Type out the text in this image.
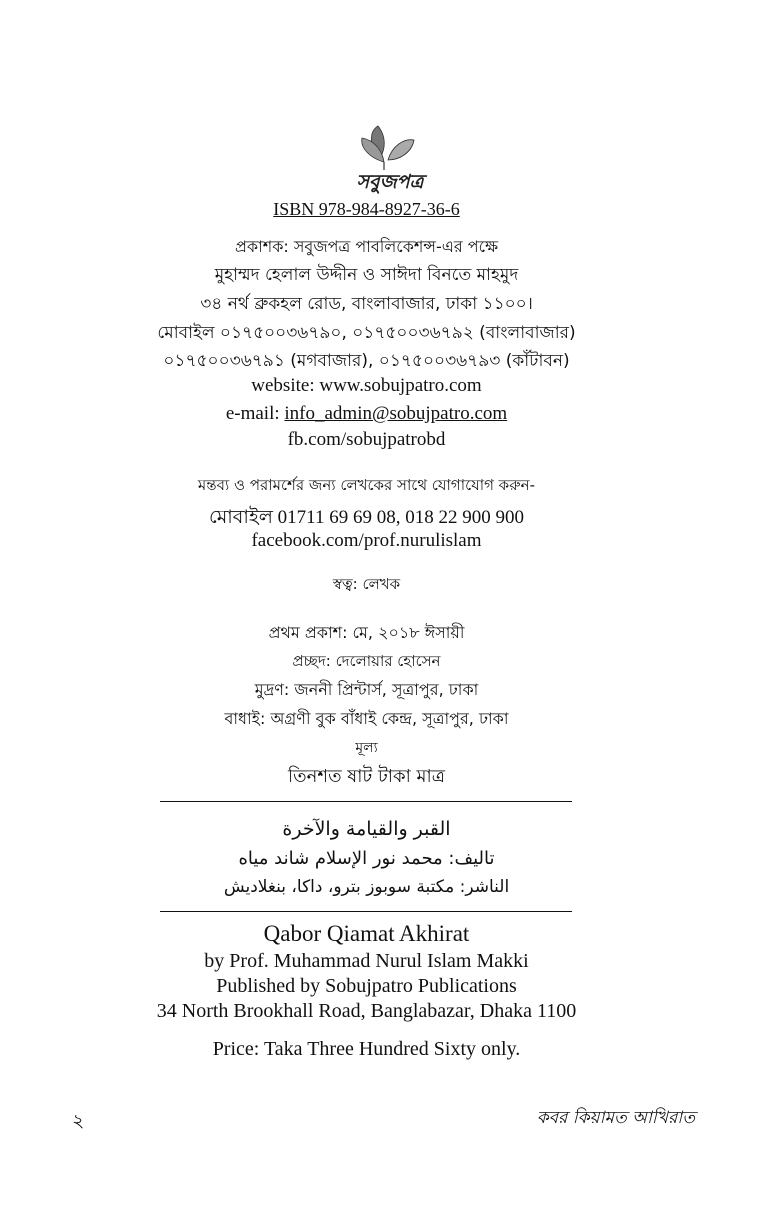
সবুজপত্র
ISBN 978-984-8927-36-6
প্রকাশক: সবুজপত্র পাবলিকেশন্স-এর পক্ষে
মুহাম্মদ হেলাল উদ্দীন ও সাঈদা বিনতে মাহমুদ
৩৪ নর্থ ব্রুকহল রোড, বাংলাবাজার, ঢাকা ১১০০।
মোবাইল ০১৭৫০০৩৬৭৯০, ০১৭৫০০৩৬৭৯২ (বাংলাবাজার)
০১৭৫০০৩৬৭৯১ (মগবাজার), ০১৭৫০০৩৬৭৯৩ (কাঁটাবন)
website: www.sobujpatro.com
e-mail: info_admin@sobujpatro.com
fb.com/sobujpatrobd
মন্তব্য ও পরামর্শের জন্য লেখকের সাথে যোগাযোগ করুন-
মোবাইল 01711 69 69 08, 018 22 900 900
facebook.com/prof.nurulislam
স্বত্ব: লেখক
প্রথম প্রকাশ: মে, ২০১৮ ঈসায়ী
প্রচ্ছদ: দেলোয়ার হোসেন
মুদ্রণ: জননী প্রিন্টার্স, সূত্রাপুর, ঢাকা
বাধাই: অগ্রণী বুক বাঁধাই কেন্দ্র, সূত্রাপুর, ঢাকা
মূল্য
তিনশত ষাট টাকা মাত্র
القبر والقيامة والآخرة
تاليف: محمد نور الإسلام شاند مياه
الناشر: مكتبة سوبوز بترو، داكا، بنغلاديش
Qabor Qiamat Akhirat
by Prof. Muhammad Nurul Islam Makki
Published by Sobujpatro Publications
34 North Brookhall Road, Banglabazar, Dhaka 1100
Price: Taka Three Hundred Sixty only.
২	কবর কিয়ামত আখিরাত
